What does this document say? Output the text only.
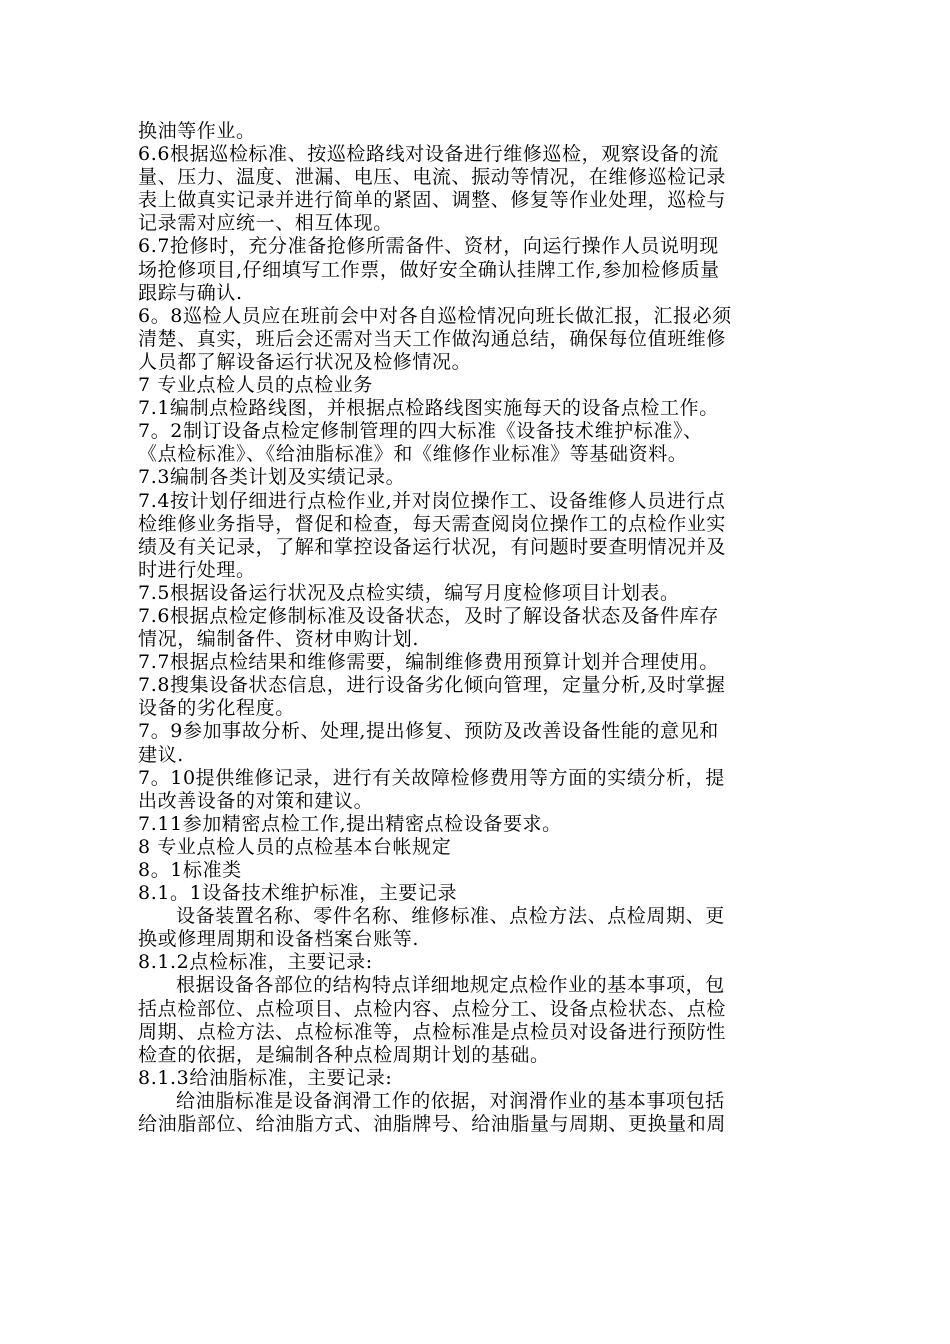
换油等作业。
6.6根据巡检标准、按巡检路线对设备进行维修巡检，观察设备的流
量、压力、温度、泄漏、电压、电流、振动等情况，在维修巡检记录
表上做真实记录并进行简单的紧固、调整、修复等作业处理，巡检与
记录需对应统一、相互体现。
6.7抢修时，充分准备抢修所需备件、资材，向运行操作人员说明现
场抢修项目,仔细填写工作票，做好安全确认挂牌工作,参加检修质量
跟踪与确认.
6。8巡检人员应在班前会中对各自巡检情况向班长做汇报，汇报必须
清楚、真实，班后会还需对当天工作做沟通总结，确保每位值班维修
人员都了解设备运行状况及检修情况。
7 专业点检人员的点检业务
7.1编制点检路线图，并根据点检路线图实施每天的设备点检工作。
7。2制订设备点检定修制管理的四大标准《设备技术维护标准》、
《点检标准》、《给油脂标准》和《维修作业标准》等基础资料。
7.3编制各类计划及实绩记录。
7.4按计划仔细进行点检作业,并对岗位操作工、设备维修人员进行点
检维修业务指导，督促和检查，每天需查阅岗位操作工的点检作业实
绩及有关记录，了解和掌控设备运行状况，有问题时要查明情况并及
时进行处理。
7.5根据设备运行状况及点检实绩，编写月度检修项目计划表。
7.6根据点检定修制标准及设备状态，及时了解设备状态及备件库存
情况，编制备件、资材申购计划.
7.7根据点检结果和维修需要，编制维修费用预算计划并合理使用。
7.8搜集设备状态信息，进行设备劣化倾向管理，定量分析,及时掌握
设备的劣化程度。
7。9参加事故分析、处理,提出修复、预防及改善设备性能的意见和
建议.
7。10提供维修记录，进行有关故障检修费用等方面的实绩分析，提
出改善设备的对策和建议。
7.11参加精密点检工作,提出精密点检设备要求。
8 专业点检人员的点检基本台帐规定
8。1标准类
8.1。1设备技术维护标准，主要记录
设备装置名称、零件名称、维修标准、点检方法、点检周期、更
换或修理周期和设备档案台账等.
8.1.2点检标准，主要记录:
根据设备各部位的结构特点详细地规定点检作业的基本事项，包
括点检部位、点检项目、点检内容、点检分工、设备点检状态、点检
周期、点检方法、点检标准等，点检标准是点检员对设备进行预防性
检查的依据，是编制各种点检周期计划的基础。
8.1.3给油脂标准，主要记录:
给油脂标准是设备润滑工作的依据，对润滑作业的基本事项包括
给油脂部位、给油脂方式、油脂牌号、给油脂量与周期、更换量和周
